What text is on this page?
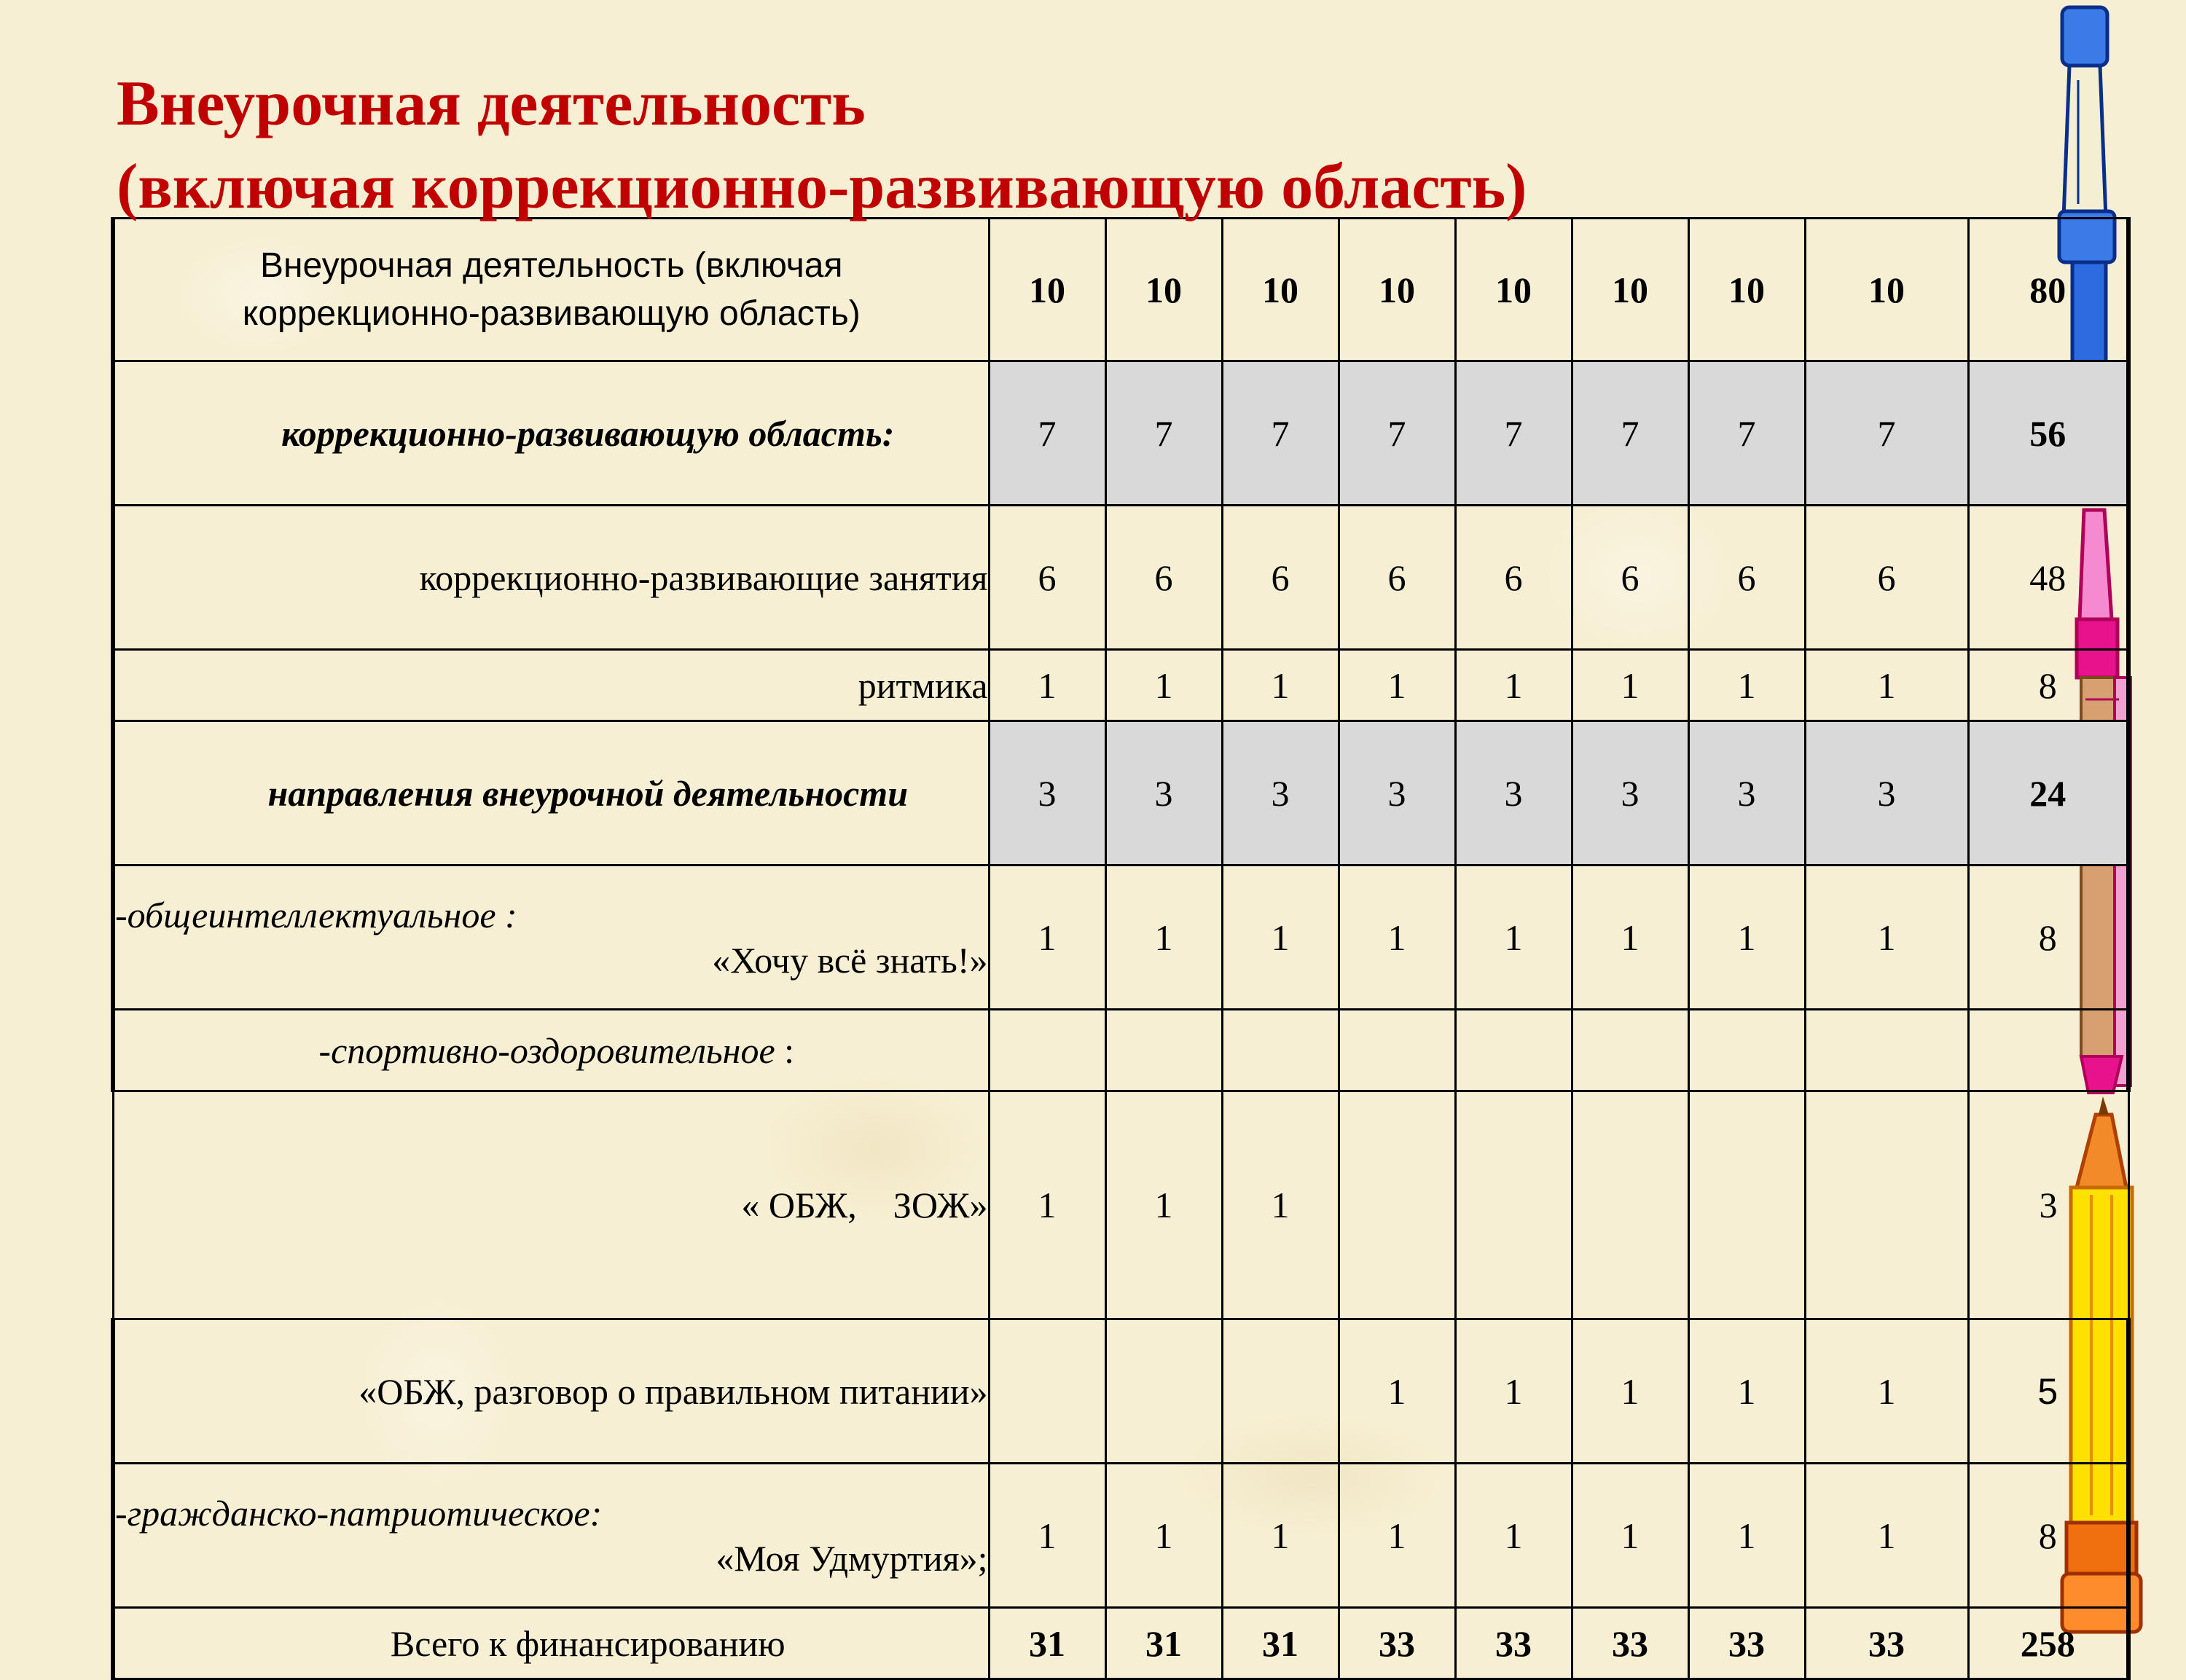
Внеурочная деятельность
(включая коррекционно-развивающую область)
Внеурочная деятельность (включая
коррекционно-развивающую область)	10	10	10	10	10	10	10	10	80

коррекционно-развивающую область:	7	7	7	7	7	7	7	7	56

коррекционно-развивающие занятия	6	6	6	6	6	6	6	6	48

ритмика	1	1	1	1	1	1	1	1	8

направления внеурочной деятельности	3	3	3	3	3	3	3	3	24

-общеинтеллектуальное :
«Хочу всё знать!»	1	1	1	1	1	1	1	1	8
-спортивно-оздоровительное :									

« ОБЖ,    ЗОЖ»	1	1	1						3

«ОБЖ, разговор о правильном питании»				1	1	1	1	1	5

-гражданско-патриотическое:
«Моя Удмуртия»;	1	1	1	1	1	1	1	1	8

Всего к финансированию	31	31	31	33	33	33	33	33	258
